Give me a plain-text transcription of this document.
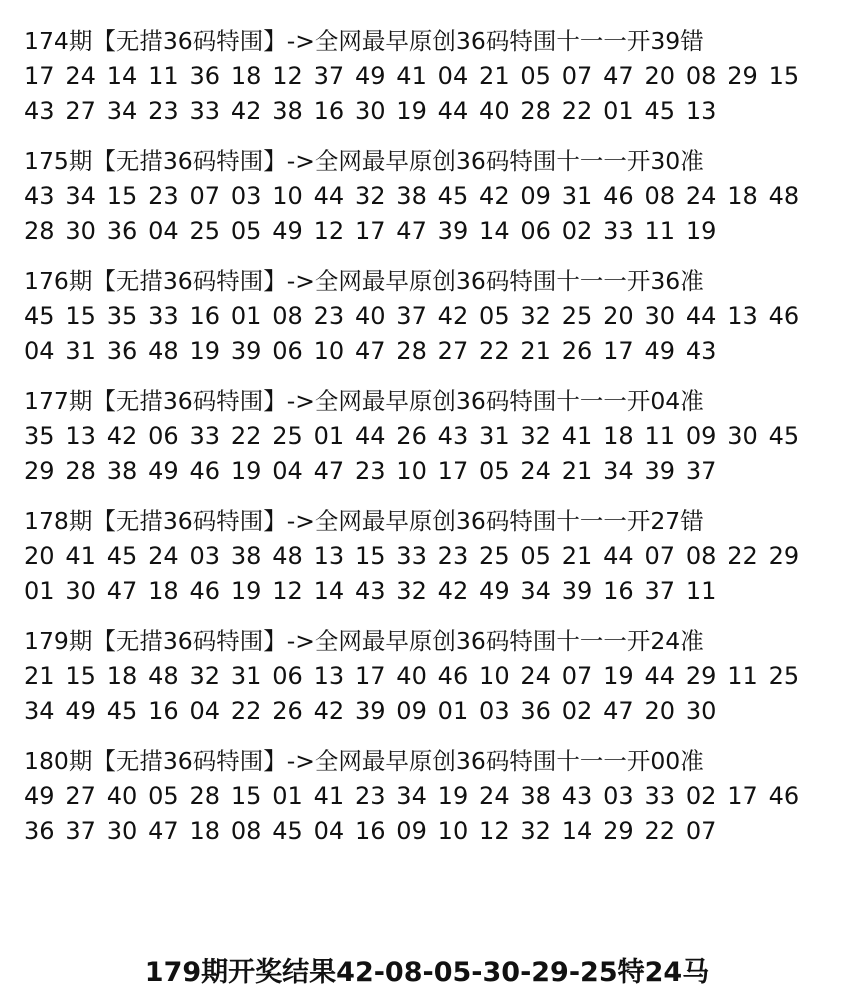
174期【无措36码特围】->全网最早原创36码特围十一一开39错
17 24 14 11 36 18 12 37 49 41 04 21 05 07 47 20 08 29 15
43 27 34 23 33 42 38 16 30 19 44 40 28 22 01 45 13
175期【无措36码特围】->全网最早原创36码特围十一一开30准
43 34 15 23 07 03 10 44 32 38 45 42 09 31 46 08 24 18 48
28 30 36 04 25 05 49 12 17 47 39 14 06 02 33 11 19
176期【无措36码特围】->全网最早原创36码特围十一一开36准
45 15 35 33 16 01 08 23 40 37 42 05 32 25 20 30 44 13 46
04 31 36 48 19 39 06 10 47 28 27 22 21 26 17 49 43
177期【无措36码特围】->全网最早原创36码特围十一一开04准
35 13 42 06 33 22 25 01 44 26 43 31 32 41 18 11 09 30 45
29 28 38 49 46 19 04 47 23 10 17 05 24 21 34 39 37
178期【无措36码特围】->全网最早原创36码特围十一一开27错
20 41 45 24 03 38 48 13 15 33 23 25 05 21 44 07 08 22 29
01 30 47 18 46 19 12 14 43 32 42 49 34 39 16 37 11
179期【无措36码特围】->全网最早原创36码特围十一一开24准
21 15 18 48 32 31 06 13 17 40 46 10 24 07 19 44 29 11 25
34 49 45 16 04 22 26 42 39 09 01 03 36 02 47 20 30
180期【无措36码特围】->全网最早原创36码特围十一一开00准
49 27 40 05 28 15 01 41 23 34 19 24 38 43 03 33 02 17 46
36 37 30 47 18 08 45 04 16 09 10 12 32 14 29 22 07
179期开奖结果42-08-05-30-29-25特24马
